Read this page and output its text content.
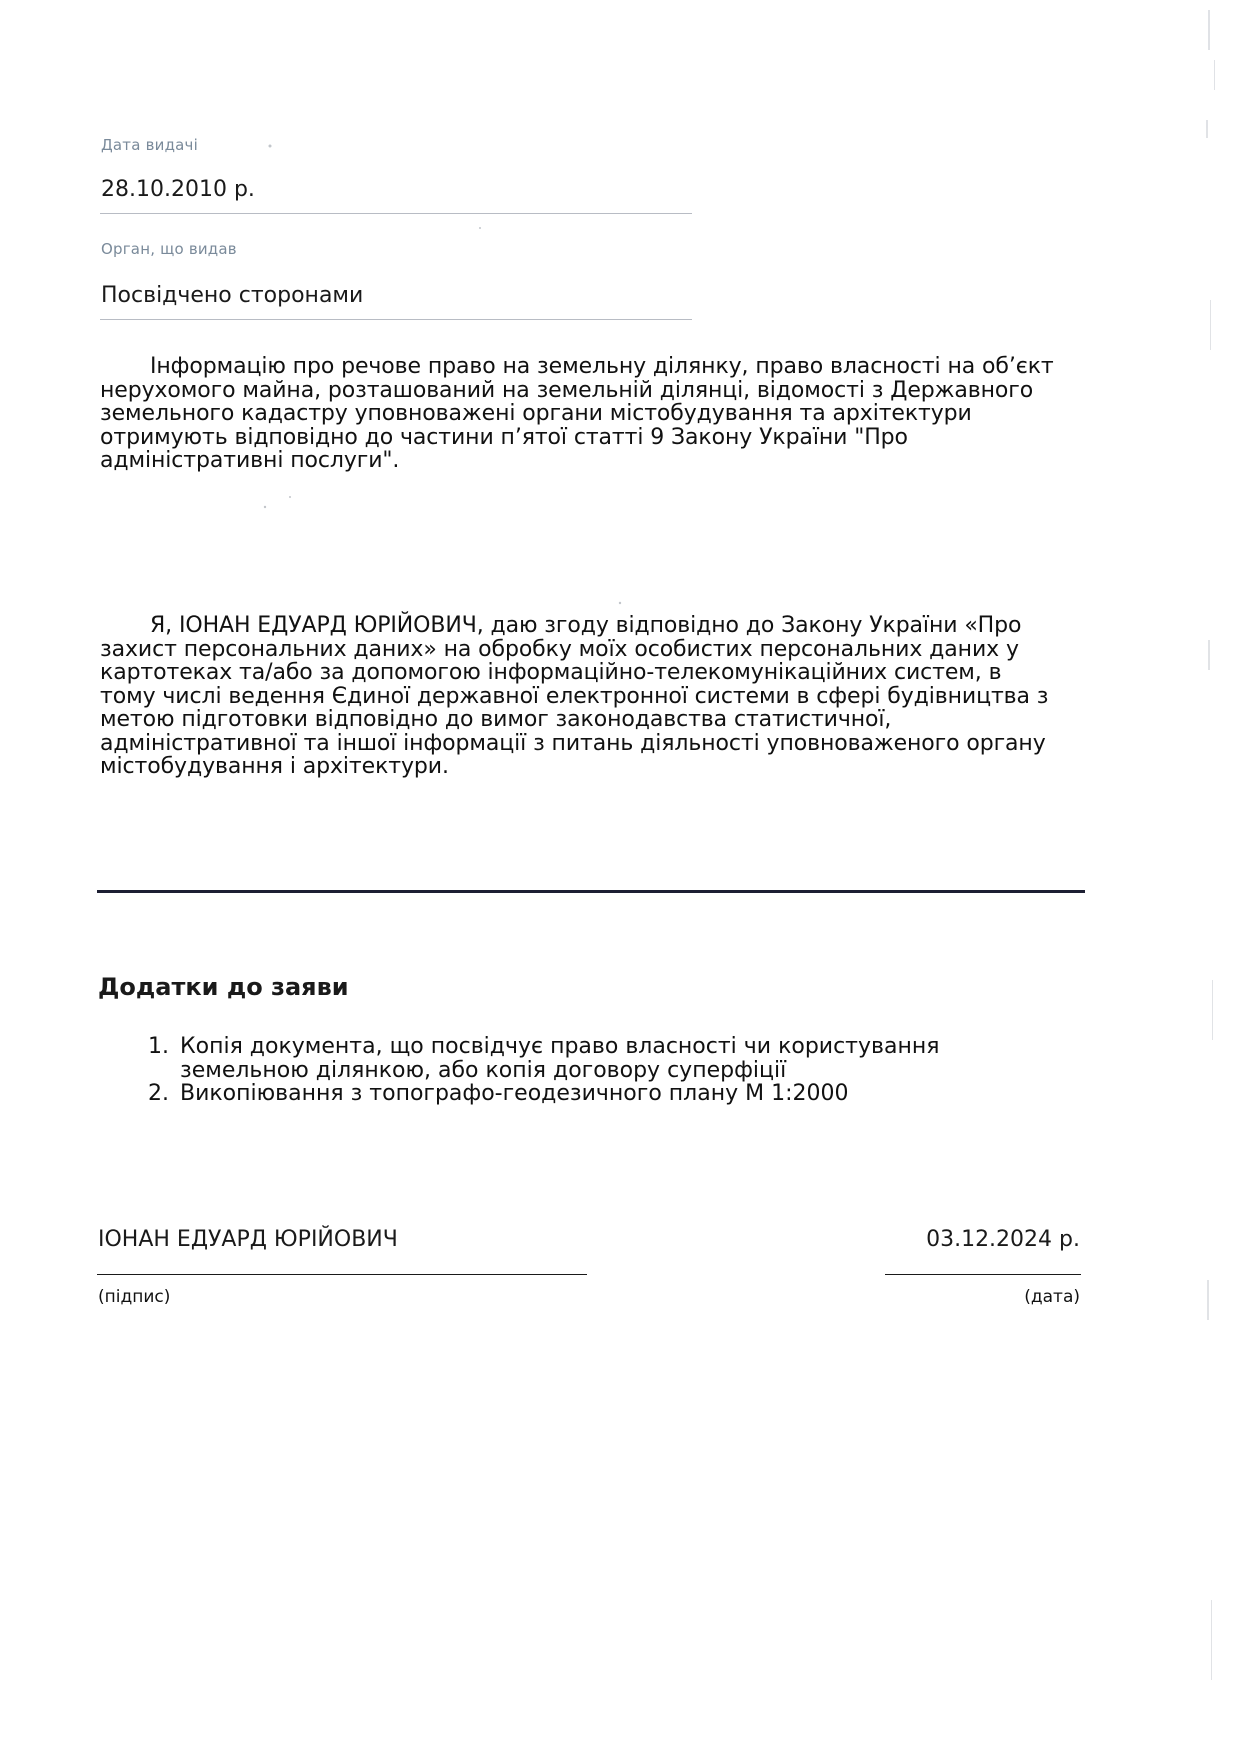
Дата видачі
28.10.2010 р.
Орган, що видав
Посвідчено сторонами
Інформацію про речове право на земельну ділянку, право власності на об’єкт нерухомого майна, розташований на земельній ділянці, відомості з Державного земельного кадастру уповноважені органи містобудування та архітектури отримують відповідно до частини п’ятої статті 9 Закону України "Про адміністративні послуги".
Я, ІОНАН ЕДУАРД ЮРІЙОВИЧ, даю згоду відповідно до Закону України «Про захист персональних даних» на обробку моїх особистих персональних даних у картотеках та/або за допомогою інформаційно-телекомунікаційних систем, в тому числі ведення Єдиної державної електронної системи в сфері будівництва з метою підготовки відповідно до вимог законодавства статистичної, адміністративної та іншої інформації з питань діяльності уповноваженого органу містобудування і архітектури.
Додатки до заяви
1. Копія документа, що посвідчує право власності чи користування земельною ділянкою, або копія договору суперфіції
2. Викопіювання з топографо-геодезичного плану М 1:2000
ІОНАН ЕДУАРД ЮРІЙОВИЧ	03.12.2024 р.
(підпис)	(дата)
